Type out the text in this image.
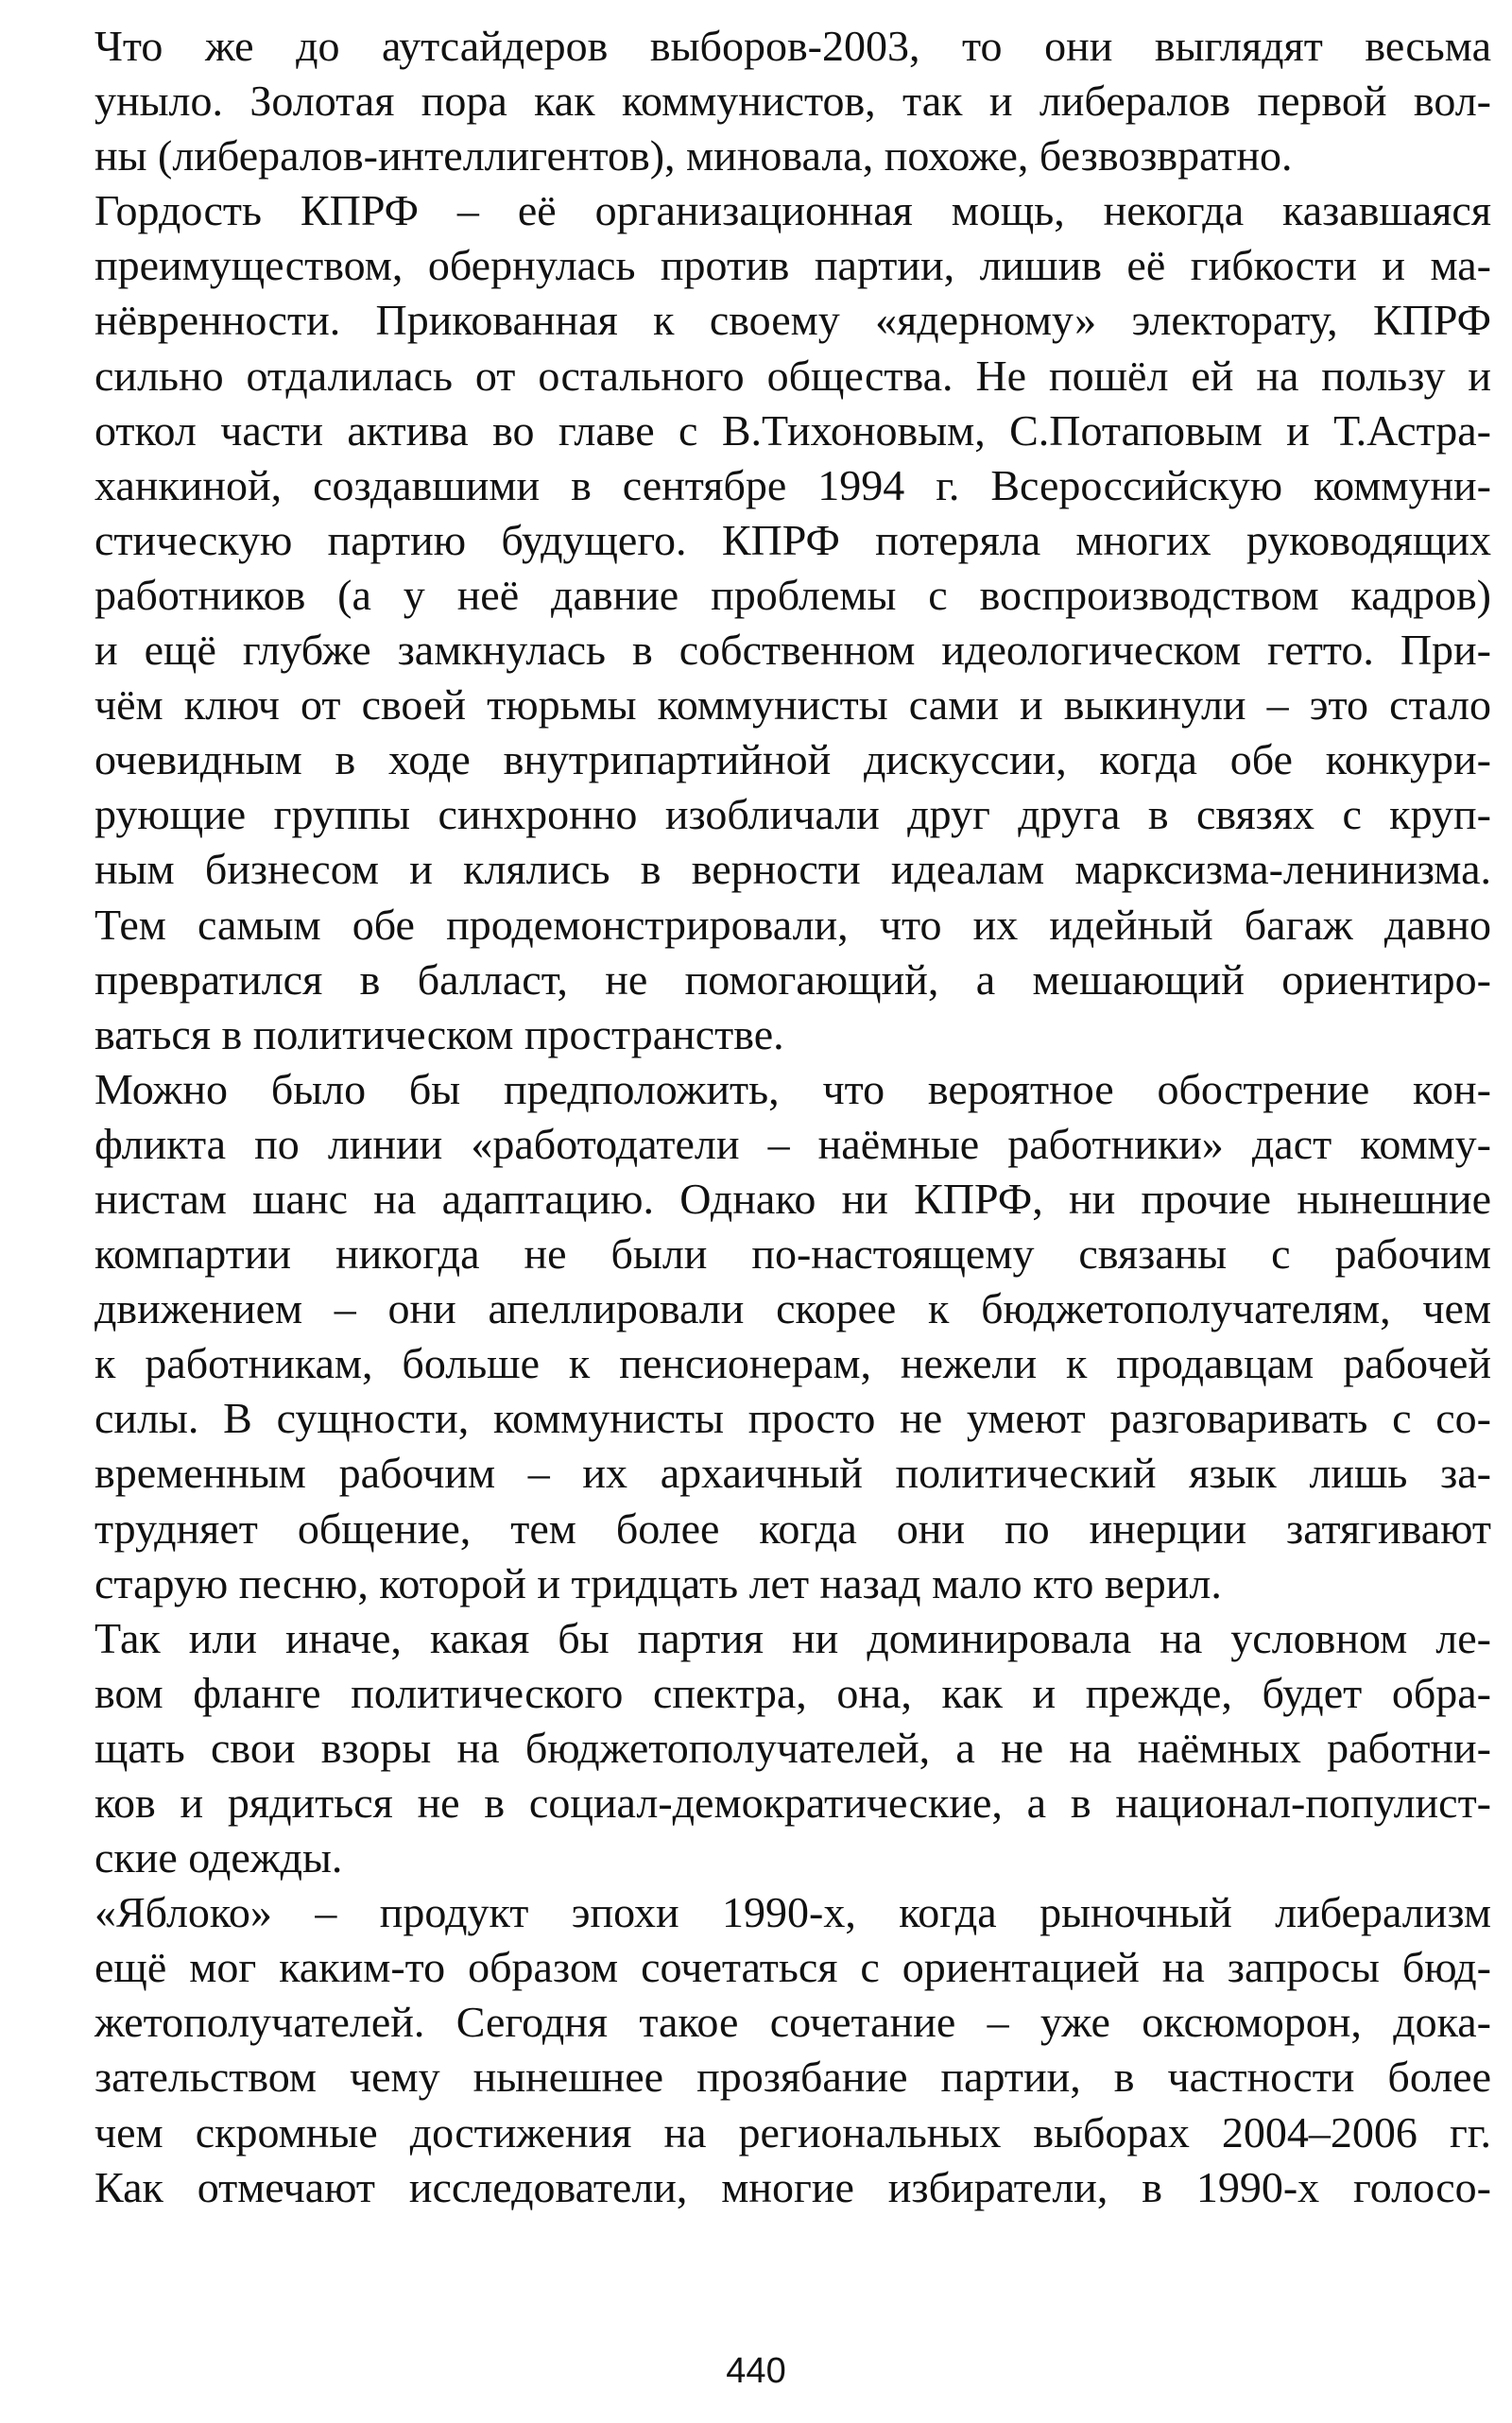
Что же до аутсайдеров выборов-2003, то они выглядят весьма
уныло. Золотая пора как коммунистов, так и либералов первой вол-
ны (либералов-интеллигентов), миновала, похоже, безвозвратно.
Гордость КПРФ – её организационная мощь, некогда казавшаяся
преимуществом, обернулась против партии, лишив её гибкости и ма-
нёвренности. Прикованная к своему «ядерному» электорату, КПРФ
сильно отдалилась от остального общества. Не пошёл ей на пользу и
откол части актива во главе с В.Тихоновым, С.Потаповым и Т.Астра-
ханкиной, создавшими в сентябре 1994 г. Всероссийскую коммуни-
стическую партию будущего. КПРФ потеряла многих руководящих
работников (а у неё давние проблемы с воспроизводством кадров)
и ещё глубже замкнулась в собственном идеологическом гетто. При-
чём ключ от своей тюрьмы коммунисты сами и выкинули – это стало
очевидным в ходе внутрипартийной дискуссии, когда обе конкури-
рующие группы синхронно изобличали друг друга в связях с круп-
ным бизнесом и клялись в верности идеалам марксизма-ленинизма.
Тем самым обе продемонстрировали, что их идейный багаж давно
превратился в балласт, не помогающий, а мешающий ориентиро-
ваться в политическом пространстве.
Можно было бы предположить, что вероятное обострение кон-
фликта по линии «работодатели – наёмные работники» даст комму-
нистам шанс на адаптацию. Однако ни КПРФ, ни прочие нынешние
компартии никогда не были по-настоящему связаны с рабочим
движением – они апеллировали скорее к бюджетополучателям, чем
к работникам, больше к пенсионерам, нежели к продавцам рабочей
силы. В сущности, коммунисты просто не умеют разговаривать с со-
временным рабочим – их архаичный политический язык лишь за-
трудняет общение, тем более когда они по инерции затягивают
старую песню, которой и тридцать лет назад мало кто верил.
Так или иначе, какая бы партия ни доминировала на условном ле-
вом фланге политического спектра, она, как и прежде, будет обра-
щать свои взоры на бюджетополучателей, а не на наёмных работни-
ков и рядиться не в социал-демократические, а в национал-популист-
ские одежды.
«Яблоко» – продукт эпохи 1990-х, когда рыночный либерализм
ещё мог каким-то образом сочетаться с ориентацией на запросы бюд-
жетополучателей. Сегодня такое сочетание – уже оксюморон, дока-
зательством чему нынешнее прозябание партии, в частности более
чем скромные достижения на региональных выборах 2004–2006 гг.
Как отмечают исследователи, многие избиратели, в 1990-х голосо-
440
